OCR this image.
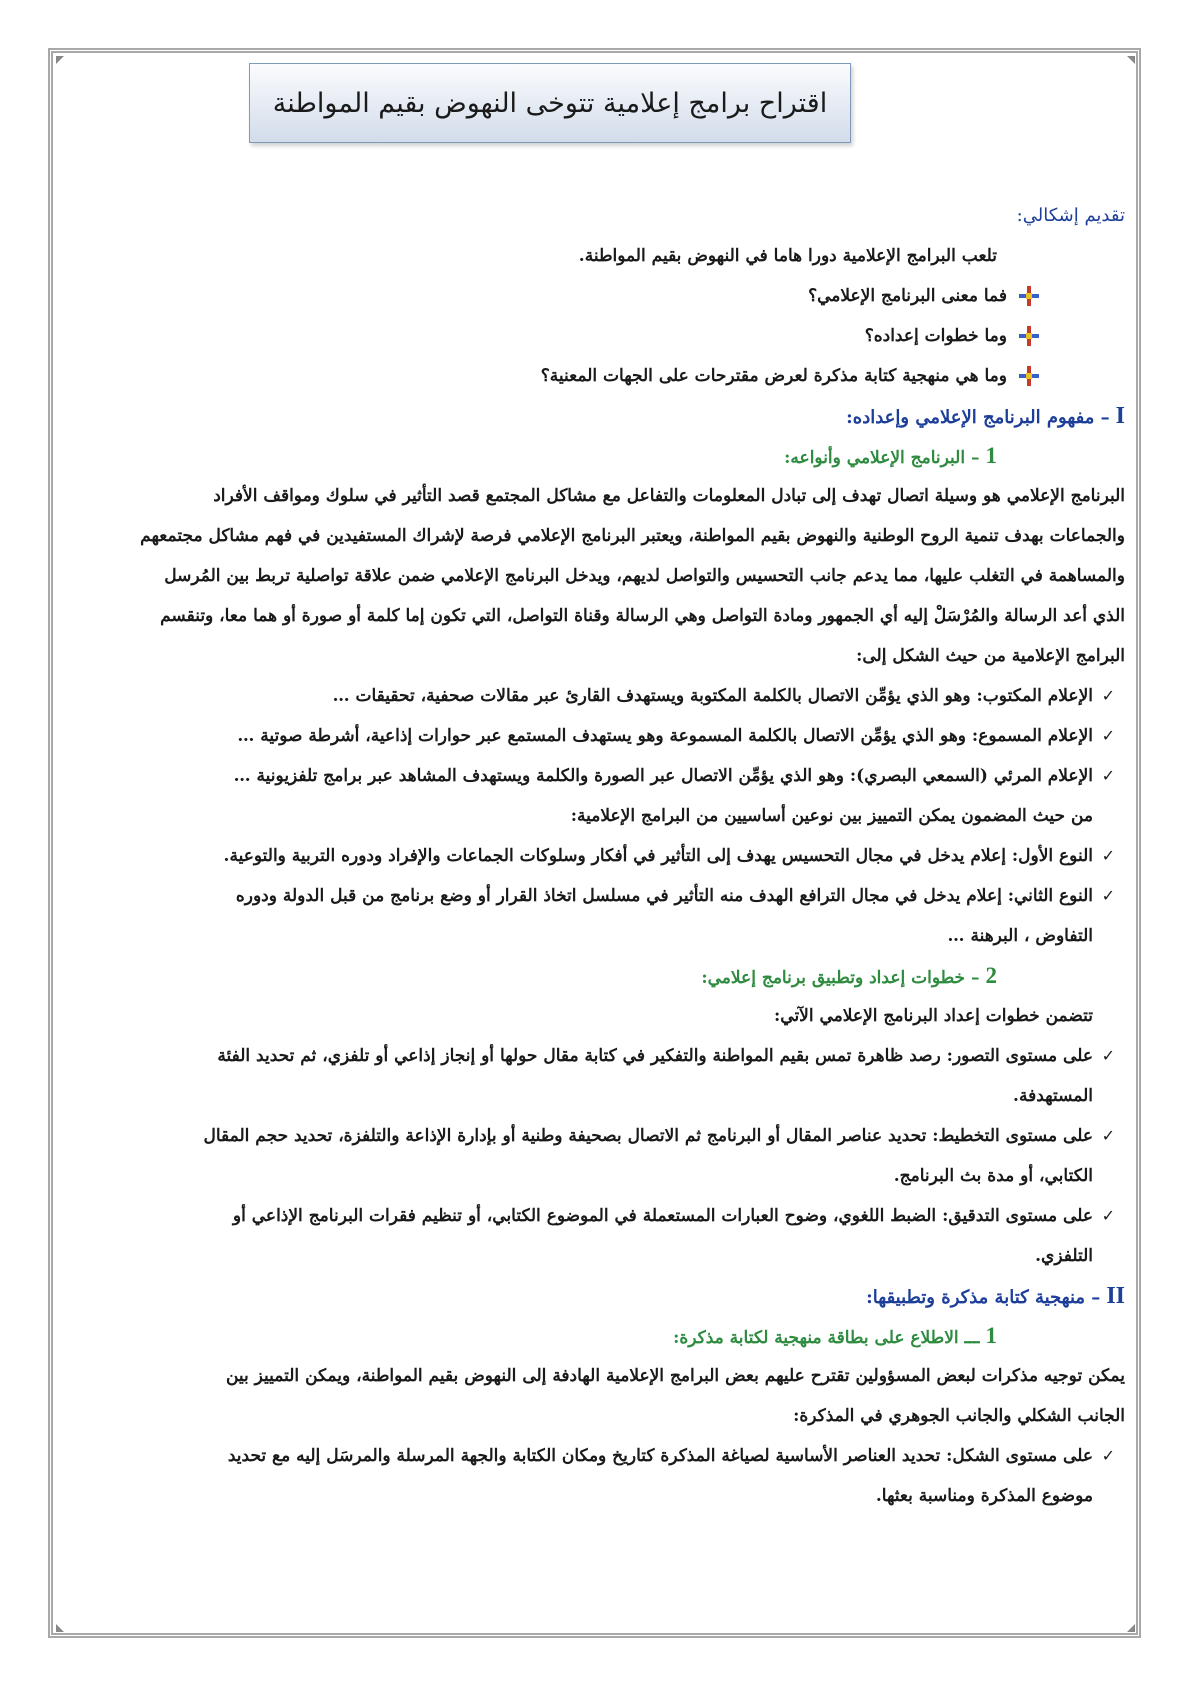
اقتراح برامج إعلامية تتوخى النهوض بقيم المواطنة
تقديم إشكالي:
تلعب البرامج الإعلامية دورا هاما في النهوض بقيم المواطنة.
فما معنى البرنامج الإعلامي؟
وما خطوات إعداده؟
وما هي منهجية كتابة مذكرة لعرض مقترحات على الجهات المعنية؟
I– مفهوم البرنامج الإعلامي وإعداده:
1– البرنامج الإعلامي وأنواعه:
البرنامج الإعلامي هو وسيلة اتصال تهدف إلى تبادل المعلومات والتفاعل مع مشاكل المجتمع قصد التأثير في سلوك ومواقف الأفراد
والجماعات بهدف تنمية الروح الوطنية والنهوض بقيم المواطنة، ويعتبر البرنامج الإعلامي فرصة لإشراك المستفيدين في فهم مشاكل مجتمعهم
والمساهمة في التغلب عليها، مما يدعم جانب التحسيس والتواصل لديهم، ويدخل البرنامج الإعلامي ضمن علاقة تواصلية تربط بين المُرسل
الذي أعد الرسالة والمُرْسَلْ إليه أي الجمهور ومادة التواصل وهي الرسالة وقناة التواصل، التي تكون إما كلمة أو صورة أو هما معا، وتنقسم
البرامج الإعلامية من حيث الشكل إلى:
✓الإعلام المكتوب: وهو الذي يؤمِّن الاتصال بالكلمة المكتوبة ويستهدف القارئ عبر مقالات صحفية، تحقيقات …
✓الإعلام المسموع: وهو الذي يؤمِّن الاتصال بالكلمة المسموعة وهو يستهدف المستمع عبر حوارات إذاعية، أشرطة صوتية …
✓الإعلام المرئي (السمعي البصري): وهو الذي يؤمِّن الاتصال عبر الصورة والكلمة ويستهدف المشاهد عبر برامج تلفزيونية …
من حيث المضمون يمكن التمييز بين نوعين أساسيين من البرامج الإعلامية:
✓النوع الأول: إعلام يدخل في مجال التحسيس يهدف إلى التأثير في أفكار وسلوكات الجماعات والإفراد ودوره التربية والتوعية.
✓النوع الثاني: إعلام يدخل في مجال الترافع الهدف منه التأثير في مسلسل اتخاذ القرار أو وضع برنامج من قبل الدولة ودوره
التفاوض ، البرهنة …
2– خطوات إعداد وتطبيق برنامج إعلامي:
تتضمن خطوات إعداد البرنامج الإعلامي الآتي:
✓على مستوى التصور: رصد ظاهرة تمس بقيم المواطنة والتفكير في كتابة مقال حولها أو إنجاز إذاعي أو تلفزي، ثم تحديد الفئة
المستهدفة.
✓على مستوى التخطيط: تحديد عناصر المقال أو البرنامج ثم الاتصال بصحيفة وطنية أو بإدارة الإذاعة والتلفزة، تحديد حجم المقال
الكتابي، أو مدة بث البرنامج.
✓على مستوى التدقيق: الضبط اللغوي، وضوح العبارات المستعملة في الموضوع الكتابي، أو تنظيم فقرات البرنامج الإذاعي أو
التلفزي.
II– منهجية كتابة مذكرة وتطبيقها:
1ـــ الاطلاع على بطاقة منهجية لكتابة مذكرة:
يمكن توجيه مذكرات لبعض المسؤولين تقترح عليهم بعض البرامج الإعلامية الهادفة إلى النهوض بقيم المواطنة، ويمكن التمييز بين
الجانب الشكلي والجانب الجوهري في المذكرة:
✓على مستوى الشكل: تحديد العناصر الأساسية لصياغة المذكرة كتاريخ ومكان الكتابة والجهة المرسلة والمرسَل إليه مع تحديد
موضوع المذكرة ومناسبة بعثها.
